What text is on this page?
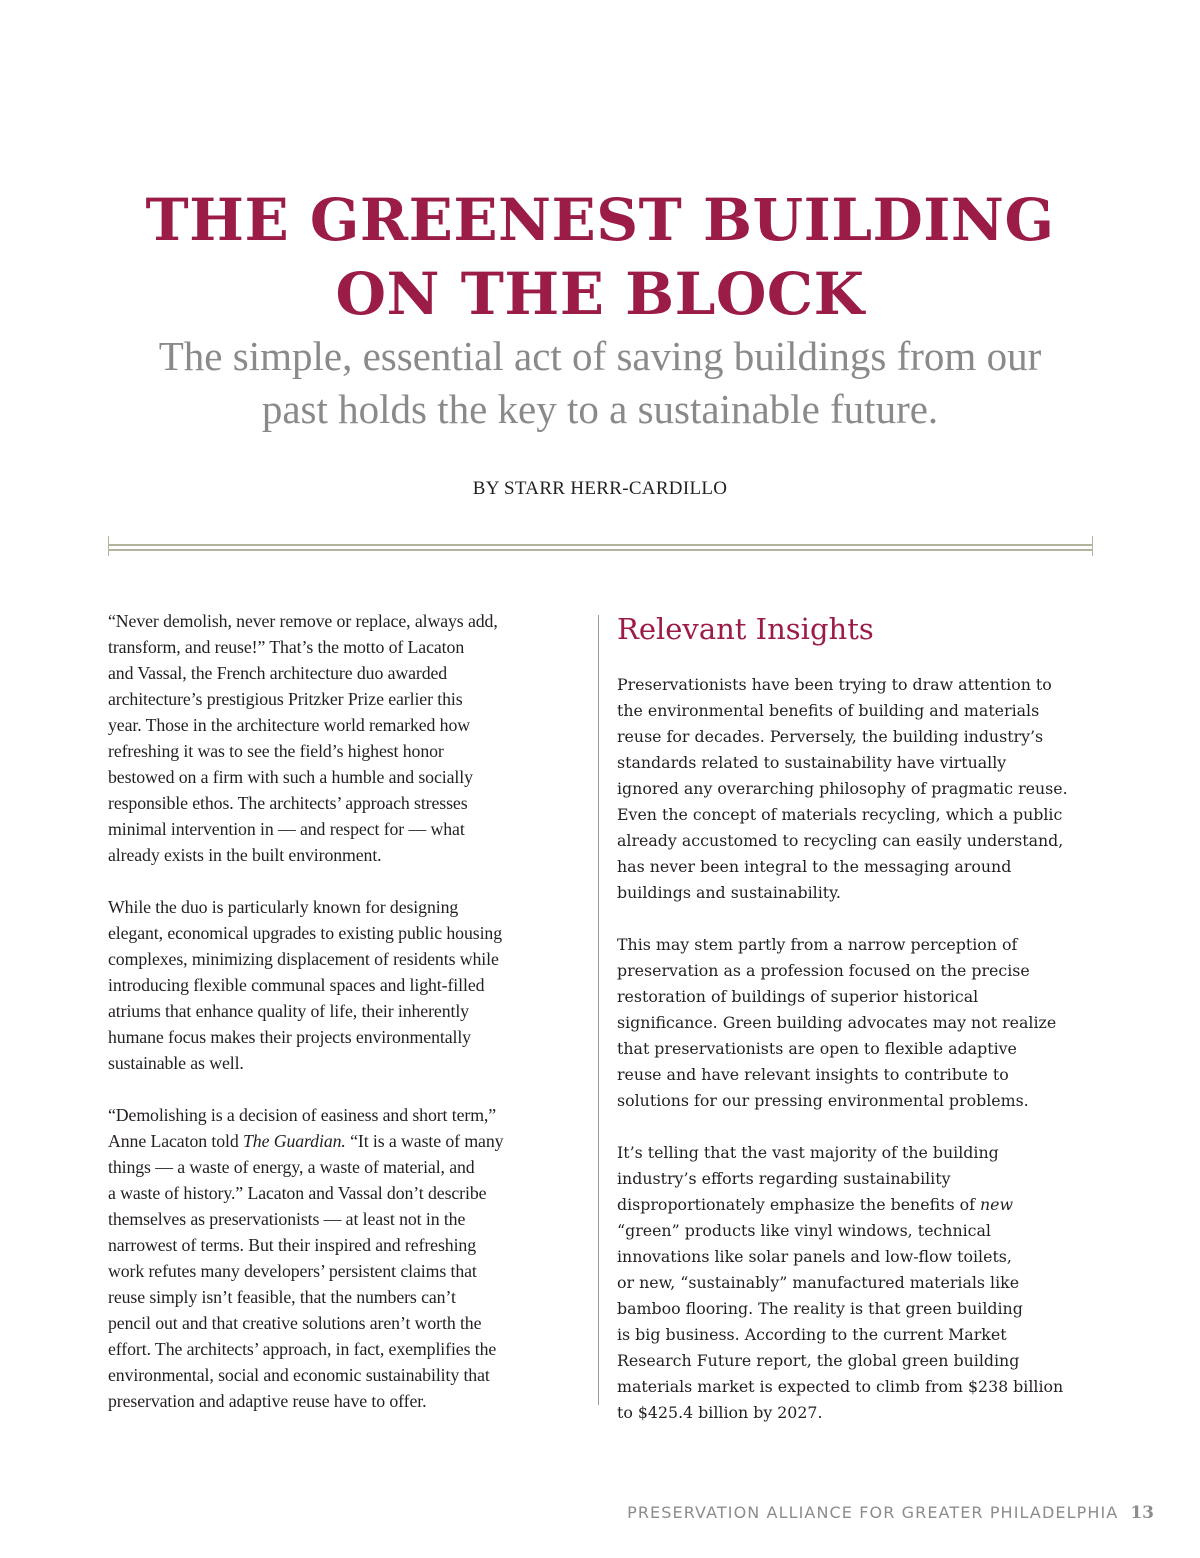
THE GREENEST BUILDING
ON THE BLOCK

The simple, essential act of saving buildings from our
past holds the key to a sustainable future.

BY STARR HERR-CARDILLO

“Never demolish, never remove or replace, always add,
transform, and reuse!” That’s the motto of Lacaton
and Vassal, the French architecture duo awarded
architecture’s prestigious Pritzker Prize earlier this
year. Those in the architecture world remarked how
refreshing it was to see the field’s highest honor
bestowed on a firm with such a humble and socially
responsible ethos. The architects’ approach stresses
minimal intervention in — and respect for — what
already exists in the built environment.

While the duo is particularly known for designing
elegant, economical upgrades to existing public housing
complexes, minimizing displacement of residents while
introducing flexible communal spaces and light-filled
atriums that enhance quality of life, their inherently
humane focus makes their projects environmentally
sustainable as well.

“Demolishing is a decision of easiness and short term,”
Anne Lacaton told The Guardian. “It is a waste of many
things — a waste of energy, a waste of material, and
a waste of history.” Lacaton and Vassal don’t describe
themselves as preservationists — at least not in the
narrowest of terms. But their inspired and refreshing
work refutes many developers’ persistent claims that
reuse simply isn’t feasible, that the numbers can’t
pencil out and that creative solutions aren’t worth the
effort. The architects’ approach, in fact, exemplifies the
environmental, social and economic sustainability that
preservation and adaptive reuse have to offer.

Relevant Insights

Preservationists have been trying to draw attention to
the environmental benefits of building and materials
reuse for decades. Perversely, the building industry’s
standards related to sustainability have virtually
ignored any overarching philosophy of pragmatic reuse.
Even the concept of materials recycling, which a public
already accustomed to recycling can easily understand,
has never been integral to the messaging around
buildings and sustainability.

This may stem partly from a narrow perception of
preservation as a profession focused on the precise
restoration of buildings of superior historical
significance. Green building advocates may not realize
that preservationists are open to flexible adaptive
reuse and have relevant insights to contribute to
solutions for our pressing environmental problems.

It’s telling that the vast majority of the building
industry’s efforts regarding sustainability
disproportionately emphasize the benefits of new
“green” products like vinyl windows, technical
innovations like solar panels and low-flow toilets,
or new, “sustainably” manufactured materials like
bamboo flooring. The reality is that green building
is big business. According to the current Market
Research Future report, the global green building
materials market is expected to climb from $238 billion
to $425.4 billion by 2027.

PRESERVATION ALLIANCE FOR GREATER PHILADELPHIA 13
